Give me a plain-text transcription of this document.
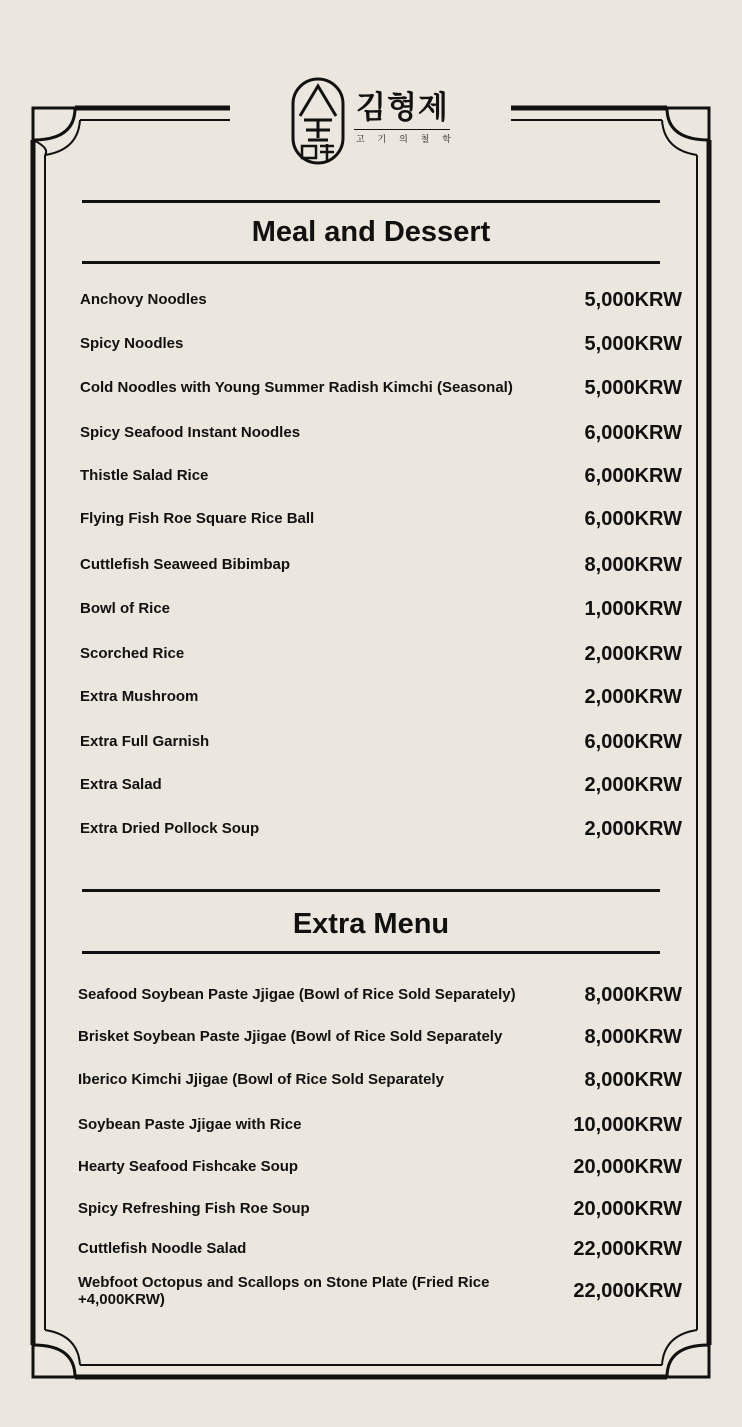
김형제
고 기 의 철 학
Meal and Dessert
Anchovy Noodles	5,000KRW
Spicy Noodles	5,000KRW
Cold Noodles with Young Summer Radish Kimchi (Seasonal)	5,000KRW
Spicy Seafood Instant Noodles	6,000KRW
Thistle Salad Rice	6,000KRW
Flying Fish Roe Square Rice Ball	6,000KRW
Cuttlefish Seaweed Bibimbap	8,000KRW
Bowl of Rice	1,000KRW
Scorched Rice	2,000KRW
Extra Mushroom	2,000KRW
Extra Full Garnish	6,000KRW
Extra Salad	2,000KRW
Extra Dried Pollock Soup	2,000KRW
Extra Menu
Seafood Soybean Paste Jjigae (Bowl of Rice Sold Separately)	8,000KRW
Brisket Soybean Paste Jjigae (Bowl of Rice Sold Separately	8,000KRW
Iberico Kimchi Jjigae (Bowl of Rice Sold Separately	8,000KRW
Soybean Paste Jjigae with Rice	10,000KRW
Hearty Seafood Fishcake Soup	20,000KRW
Spicy Refreshing Fish Roe Soup	20,000KRW
Cuttlefish Noodle Salad	22,000KRW
Webfoot Octopus and Scallops on Stone Plate (Fried Rice +4,000KRW)	22,000KRW
